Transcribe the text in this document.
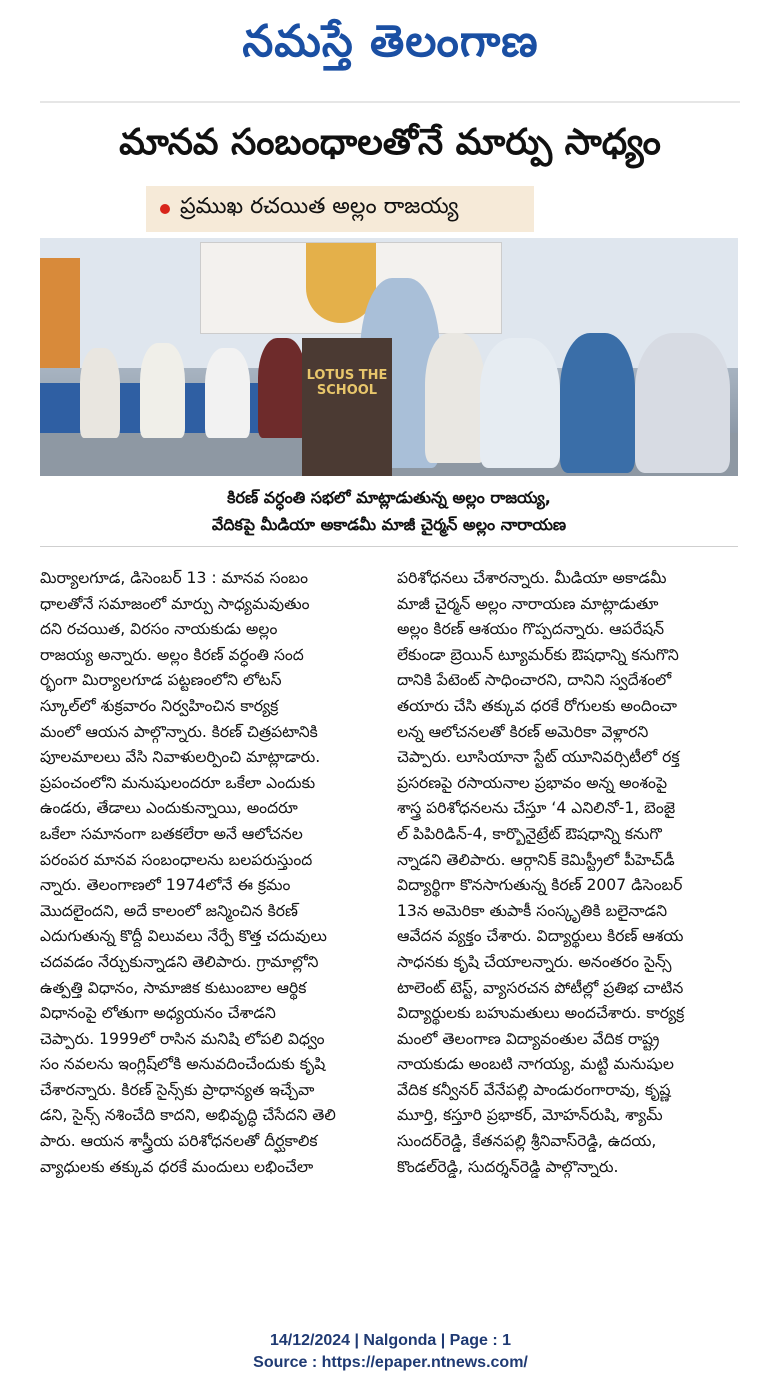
నమస్తే తెలంగాణ
మానవ సంబంధాలతోనే మార్పు సాధ్యం
ప్రముఖ రచయిత అల్లం రాజయ్య
LOTUS THE SCHOOL
కిరణ్ వర్ధంతి సభలో మాట్లాడుతున్న అల్లం రాజయ్య,
వేదికపై మీడియా అకాడమీ మాజీ చైర్మన్ అల్లం నారాయణ
మిర్యాలగూడ, డిసెంబర్ 13 : మానవ సంబం
ధాలతోనే సమాజంలో మార్పు సాధ్యమవుతుం
దని రచయిత, విరసం నాయకుడు అల్లం
రాజయ్య అన్నారు. అల్లం కిరణ్ వర్ధంతి సంద
ర్భంగా మిర్యాలగూడ పట్టణంలోని లోటస్
స్కూల్‌లో శుక్రవారం నిర్వహించిన కార్యక్ర
మంలో ఆయన పాల్గొన్నారు. కిరణ్ చిత్రపటానికి
పూలమాలలు వేసి నివాళులర్పించి మాట్లాడారు.
ప్రపంచంలోని మనుషులందరూ ఒకేలా ఎందుకు
ఉండరు, తేడాలు ఎందుకున్నాయి, అందరూ
ఒకేలా సమానంగా బతకలేరా అనే ఆలోచనల
పరంపర మానవ సంబంధాలను బలపరుస్తుంద
న్నారు. తెలంగాణలో 1974లోనే ఈ క్రమం
మొదలైందని, అదే కాలంలో జన్మించిన కిరణ్
ఎదుగుతున్న కొద్దీ విలువలు నేర్పే కొత్త చదువులు
చదవడం నేర్చుకున్నాడని తెలిపారు. గ్రామాల్లోని
ఉత్పత్తి విధానం, సామాజిక కుటుంబాల ఆర్థిక
విధానంపై లోతుగా అధ్యయనం చేశాడని
చెప్పారు. 1999లో రాసిన మనిషి లోపలి విధ్వం
సం నవలను ఇంగ్లిష్‌లోకి అనువదించేందుకు కృషి
చేశారన్నారు. కిరణ్ సైన్స్‌కు ప్రాధాన్యత ఇచ్చేవా
డని, సైన్స్ నశించేది కాదని, అభివృద్ధి చేసేదని తెలి
పారు. ఆయన శాస్త్రీయ పరిశోధనలతో దీర్ఘకాలిక
వ్యాధులకు తక్కువ ధరకే మందులు లభించేలా
పరిశోధనలు చేశారన్నారు. మీడియా అకాడమీ
మాజీ చైర్మన్ అల్లం నారాయణ మాట్లాడుతూ
అల్లం కిరణ్ ఆశయం గొప్పదన్నారు. ఆపరేషన్
లేకుండా బ్రెయిన్ ట్యూమర్‌కు ఔషధాన్ని కనుగొని
దానికి పేటెంట్ సాధించారని, దానిని స్వదేశంలో
తయారు చేసి తక్కువ ధరకే రోగులకు అందించా
లన్న ఆలోచనలతో కిరణ్ అమెరికా వెళ్లారని
చెప్పారు. లూసియానా స్టేట్ యూనివర్సిటీలో రక్త
ప్రసరణపై రసాయనాల ప్రభావం అన్న అంశంపై
శాస్త్ర పరిశోధనలను చేస్తూ ‘4 ఎనిలినో-1, బెంజై
ల్ పిపిరిడిన్-4, కార్బొనైట్రేట్ ఔషధాన్ని కనుగొ
న్నాడని తెలిపారు. ఆర్గానిక్ కెమిస్ట్రీలో పీహెచ్‌డీ
విద్యార్థిగా కొనసాగుతున్న కిరణ్ 2007 డిసెంబర్
13న అమెరికా తుపాకీ సంస్కృతికి బలైనాడని
ఆవేదన వ్యక్తం చేశారు. విద్యార్థులు కిరణ్ ఆశయ
సాధనకు కృషి చేయాలన్నారు. అనంతరం సైన్స్
టాలెంట్ టెస్ట్, వ్యాసరచన పోటీల్లో ప్రతిభ చాటిన
విద్యార్థులకు బహుమతులు అందచేశారు. కార్యక్ర
మంలో తెలంగాణ విద్యావంతుల వేదిక రాష్ట్ర
నాయకుడు అంబటి నాగయ్య, మట్టి మనుషుల
వేదిక కన్వీనర్ వేనేపల్లి పాండురంగారావు, కృష్ణ
మూర్తి, కస్తూరి ప్రభాకర్, మోహన్‌రుషి, శ్యామ్
సుందర్‌రెడ్డి, కేతనపల్లి శ్రీనివాస్‌రెడ్డి, ఉదయ,
కొండల్‌రెడ్డి, సుదర్శన్‌రెడ్డి పాల్గొన్నారు.
14/12/2024 | Nalgonda | Page : 1
Source : https://epaper.ntnews.com/
